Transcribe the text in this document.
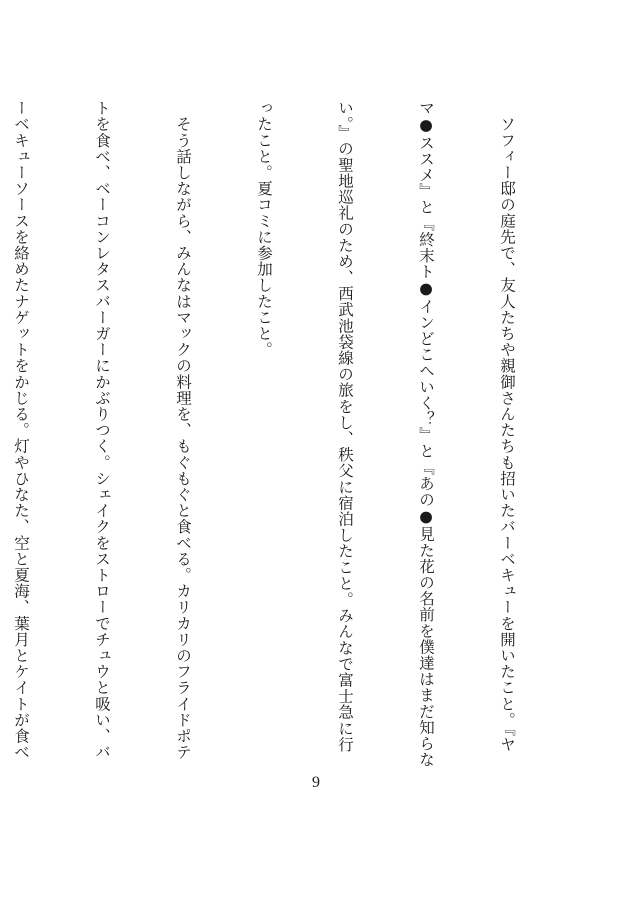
　ソフィー邸の庭先で、友人たちや親御さんたちも招いたバーベキューを開いたこと。『ヤ

マ●ススメ』と『終末ト●インどこへいく？』と『あの●見た花の名前を僕達はまだ知らな

い。』の聖地巡礼のため、西武池袋線の旅をし、秩父に宿泊したこと。みんなで富士急に行

ったこと。夏コミに参加したこと。

　そう話しながら、みんなはマックの料理を、もぐもぐと食べる。カリカリのフライドポテ

トを食べ、ベーコンレタスバーガーにかぶりつく。シェイクをストローでチュウと吸い、バ

ーベキューソースを絡めたナゲットをかじる。灯やひなた、空と夏海、葉月とケイトが食べ

9
